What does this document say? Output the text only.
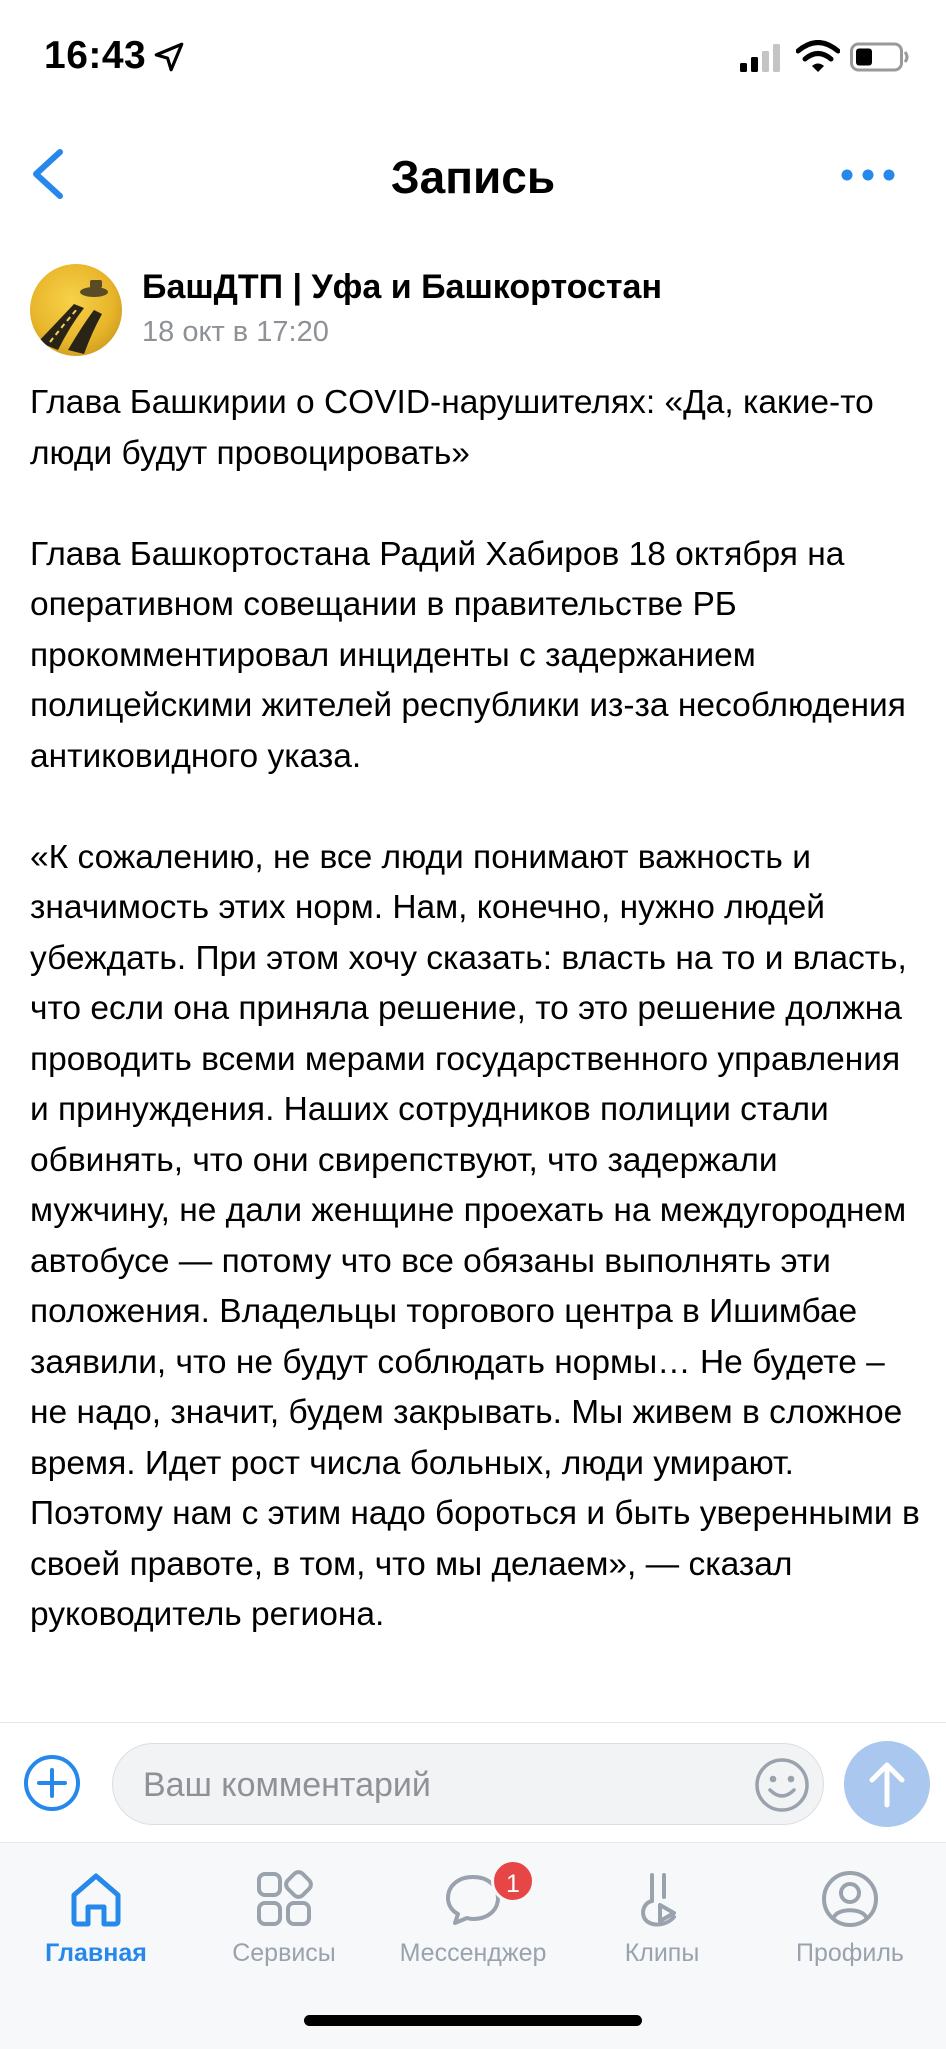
16:43
Запись
БашДТП | Уфа и Башкортостан
18 окт в 17:20

Глава Башкирии о COVID-нарушителях: «Да, какие-то люди будут провоцировать»

Глава Башкортостана Радий Хабиров 18 октября на оперативном совещании в правительстве РБ прокомментировал инциденты с задержанием полицейскими жителей республики из-за несоблюдения антиковидного указа.

«К сожалению, не все люди понимают важность и значимость этих норм. Нам, конечно, нужно людей убеждать. При этом хочу сказать: власть на то и власть, что если она приняла решение, то это решение должна проводить всеми мерами государственного управления и принуждения. Наших сотрудников полиции стали обвинять, что они свирепствуют, что задержали мужчину, не дали женщине проехать на междугороднем автобусе — потому что все обязаны выполнять эти положения. Владельцы торгового центра в Ишимбае заявили, что не будут соблюдать нормы… Не будете – не надо, значит, будем закрывать. Мы живем в сложное время. Идет рост числа больных, люди умирают. Поэтому нам с этим надо бороться и быть уверенными в своей правоте, в том, что мы делаем», — сказал руководитель региона.

Ваш комментарий
Главная	Сервисы
1
Мессенджер	Клипы	Профиль
